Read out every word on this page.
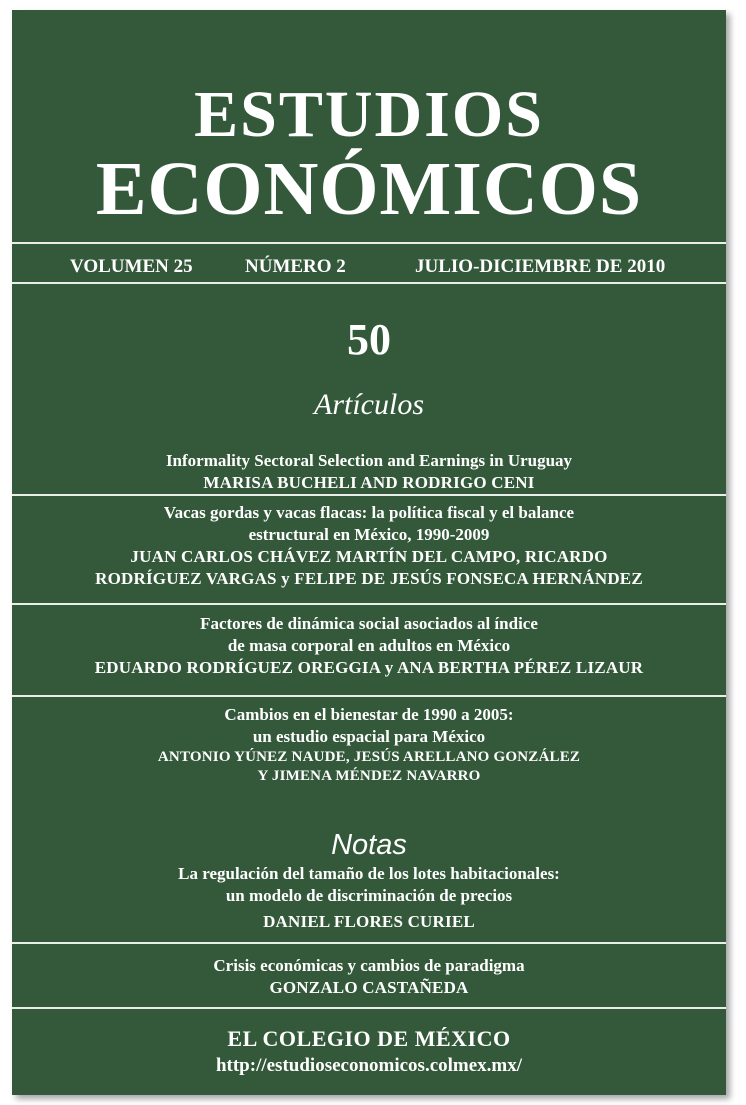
ESTUDIOS
ECONÓMICOS
VOLUMEN 25	NÚMERO 2	JULIO-DICIEMBRE DE 2010
50
Artículos
Informality Sectoral Selection and Earnings in Uruguay
MARISA BUCHELI AND RODRIGO CENI
Vacas gordas y vacas flacas: la política fiscal y el balance
estructural en México, 1990-2009
JUAN CARLOS CHÁVEZ MARTÍN DEL CAMPO, RICARDO
RODRÍGUEZ VARGAS y FELIPE DE JESÚS FONSECA HERNÁNDEZ
Factores de dinámica social asociados al índice
de masa corporal en adultos en México
EDUARDO RODRÍGUEZ OREGGIA y ANA BERTHA PÉREZ LIZAUR
Cambios en el bienestar de 1990 a 2005:
un estudio espacial para México
ANTONIO YÚNEZ NAUDE, JESÚS ARELLANO GONZÁLEZ
Y JIMENA MÉNDEZ NAVARRO
Notas
La regulación del tamaño de los lotes habitacionales:
un modelo de discriminación de precios
DANIEL FLORES CURIEL
Crisis económicas y cambios de paradigma
GONZALO CASTAÑEDA
EL COLEGIO DE MÉXICO
http://estudioseconomicos.colmex.mx/
